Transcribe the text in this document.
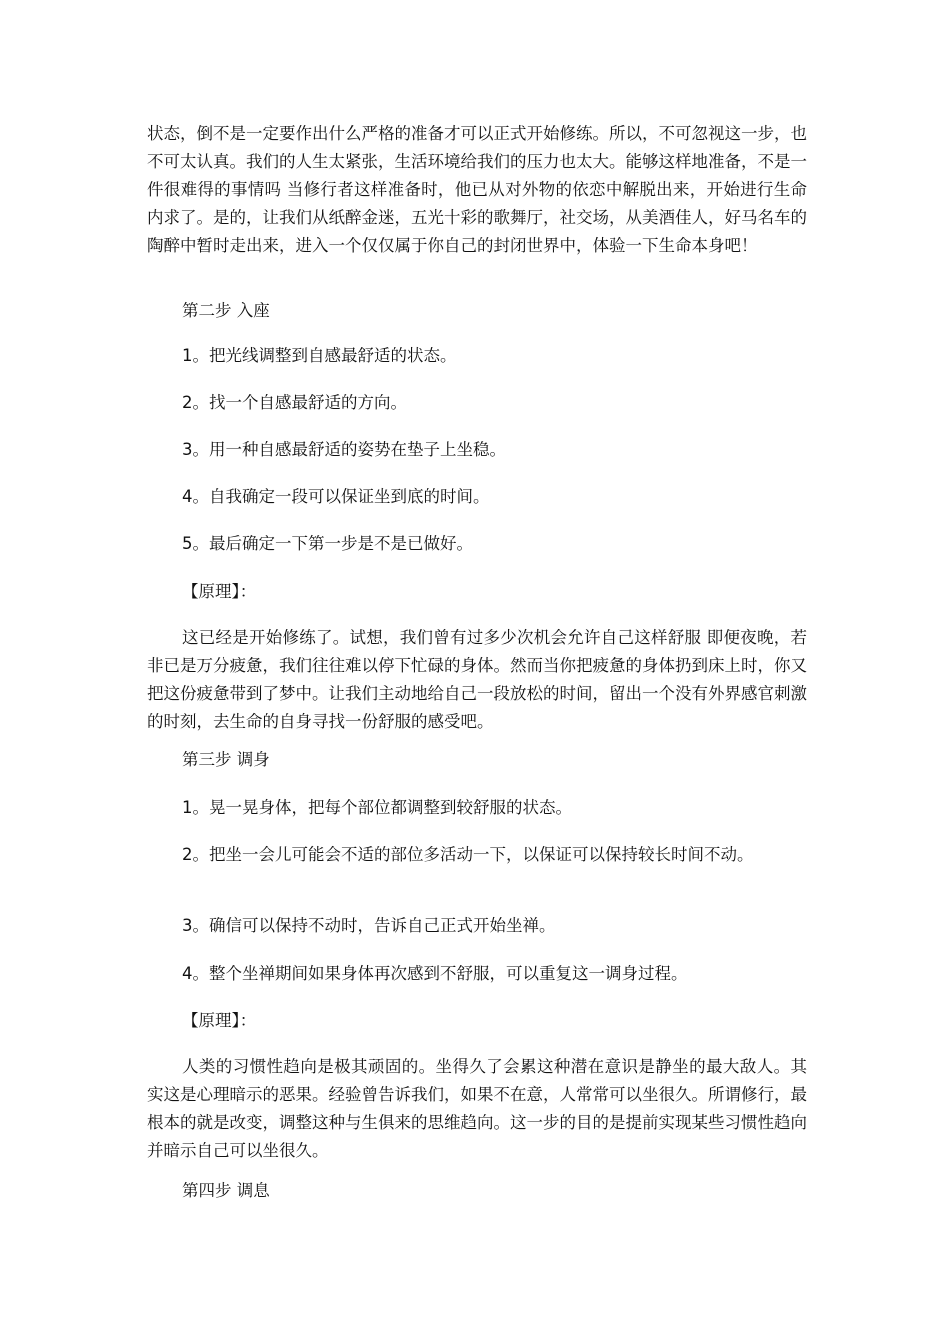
状态，倒不是一定要作出什么严格的准备才可以正式开始修练。所以，不可忽视这一步，也不可太认真。我们的人生太紧张，生活环境给我们的压力也太大。能够这样地准备，不是一件很难得的事情吗 当修行者这样准备时，他已从对外物的依恋中解脱出来，开始进行生命内求了。是的，让我们从纸醉金迷，五光十彩的歌舞厅，社交场，从美酒佳人，好马名车的陶醉中暂时走出来，进入一个仅仅属于你自己的封闭世界中，体验一下生命本身吧！

第二步 入座

1。把光线调整到自感最舒适的状态。

2。找一个自感最舒适的方向。

3。用一种自感最舒适的姿势在垫子上坐稳。

4。自我确定一段可以保证坐到底的时间。

5。最后确定一下第一步是不是已做好。

【原理】：

这已经是开始修练了。试想，我们曾有过多少次机会允许自己这样舒服 即便夜晚，若非已是万分疲惫，我们往往难以停下忙碌的身体。然而当你把疲惫的身体扔到床上时，你又把这份疲惫带到了梦中。让我们主动地给自己一段放松的时间，留出一个没有外界感官刺激的时刻，去生命的自身寻找一份舒服的感受吧。

第三步 调身

1。晃一晃身体，把每个部位都调整到较舒服的状态。

2。把坐一会儿可能会不适的部位多活动一下，以保证可以保持较长时间不动。

3。确信可以保持不动时，告诉自己正式开始坐禅。

4。整个坐禅期间如果身体再次感到不舒服，可以重复这一调身过程。

【原理】：

人类的习惯性趋向是极其顽固的。坐得久了会累这种潜在意识是静坐的最大敌人。其实这是心理暗示的恶果。经验曾告诉我们，如果不在意，人常常可以坐很久。所谓修行，最根本的就是改变，调整这种与生俱来的思维趋向。这一步的目的是提前实现某些习惯性趋向并暗示自己可以坐很久。

第四步 调息
